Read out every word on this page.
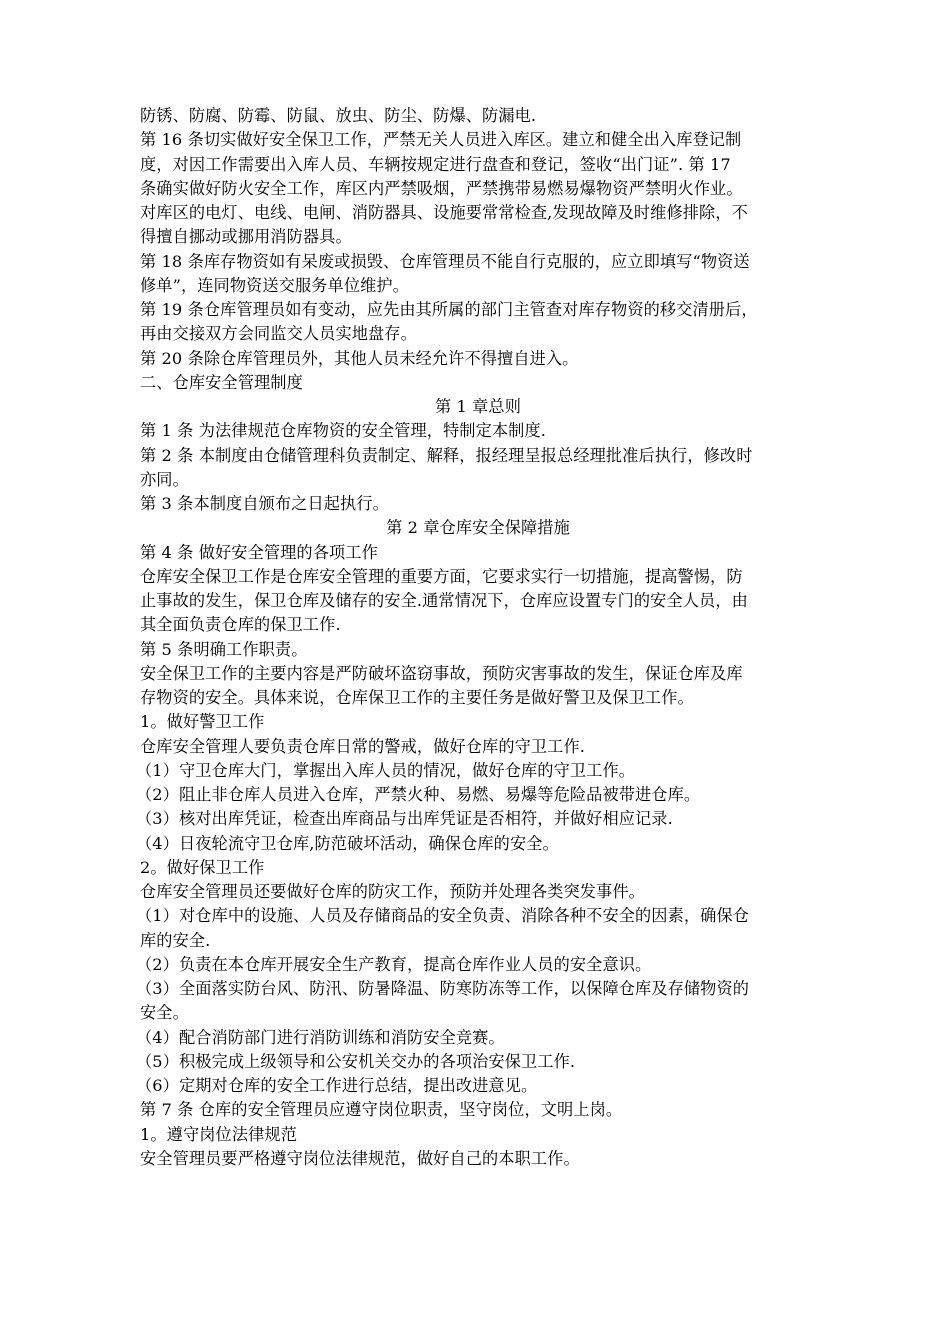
防锈、防腐、防霉、防鼠、放虫、防尘、防爆、防漏电.
第 16 条切实做好安全保卫工作，严禁无关人员进入库区。建立和健全出入库登记制
度，对因工作需要出入库人员、车辆按规定进行盘查和登记，签收“出门证”. 第 17
条确实做好防火安全工作，库区内严禁吸烟，严禁携带易燃易爆物资严禁明火作业。
对库区的电灯、电线、电闸、消防器具、设施要常常检查,发现故障及时维修排除，不
得擅自挪动或挪用消防器具。
第 18 条库存物资如有呆废或损毁、仓库管理员不能自行克服的，应立即填写“物资送
修单”，连同物资送交服务单位维护。
第 19 条仓库管理员如有变动，应先由其所属的部门主管查对库存物资的移交清册后，
再由交接双方会同监交人员实地盘存。
第 20 条除仓库管理员外，其他人员未经允许不得擅自进入。
二、仓库安全管理制度
第 1 章总则
第 1 条 为法律规范仓库物资的安全管理，特制定本制度.
第 2 条 本制度由仓储管理科负责制定、解释，报经理呈报总经理批准后执行，修改时
亦同。
第 3 条本制度自颁布之日起执行。
第 2 章仓库安全保障措施
第 4 条 做好安全管理的各项工作
仓库安全保卫工作是仓库安全管理的重要方面，它要求实行一切措施，提高警惕，防
止事故的发生，保卫仓库及储存的安全.通常情况下，仓库应设置专门的安全人员，由
其全面负责仓库的保卫工作.
第 5 条明确工作职责。
安全保卫工作的主要内容是严防破坏盗窃事故，预防灾害事故的发生，保证仓库及库
存物资的安全。具体来说，仓库保卫工作的主要任务是做好警卫及保卫工作。
1。做好警卫工作
仓库安全管理人要负责仓库日常的警戒，做好仓库的守卫工作.
（1）守卫仓库大门，掌握出入库人员的情况，做好仓库的守卫工作。
（2）阻止非仓库人员进入仓库，严禁火种、易燃、易爆等危险品被带进仓库。
（3）核对出库凭证，检查出库商品与出库凭证是否相符，并做好相应记录.
（4）日夜轮流守卫仓库,防范破坏活动，确保仓库的安全。
2。做好保卫工作
仓库安全管理员还要做好仓库的防灾工作，预防并处理各类突发事件。
（1）对仓库中的设施、人员及存储商品的安全负责、消除各种不安全的因素，确保仓
库的安全.
（2）负责在本仓库开展安全生产教育，提高仓库作业人员的安全意识。
（3）全面落实防台风、防汛、防暑降温、防寒防冻等工作，以保障仓库及存储物资的
安全。
（4）配合消防部门进行消防训练和消防安全竞赛。
（5）积极完成上级领导和公安机关交办的各项治安保卫工作.
（6）定期对仓库的安全工作进行总结，提出改进意见。
第 7 条 仓库的安全管理员应遵守岗位职责，坚守岗位，文明上岗。
1。遵守岗位法律规范
安全管理员要严格遵守岗位法律规范，做好自己的本职工作。
